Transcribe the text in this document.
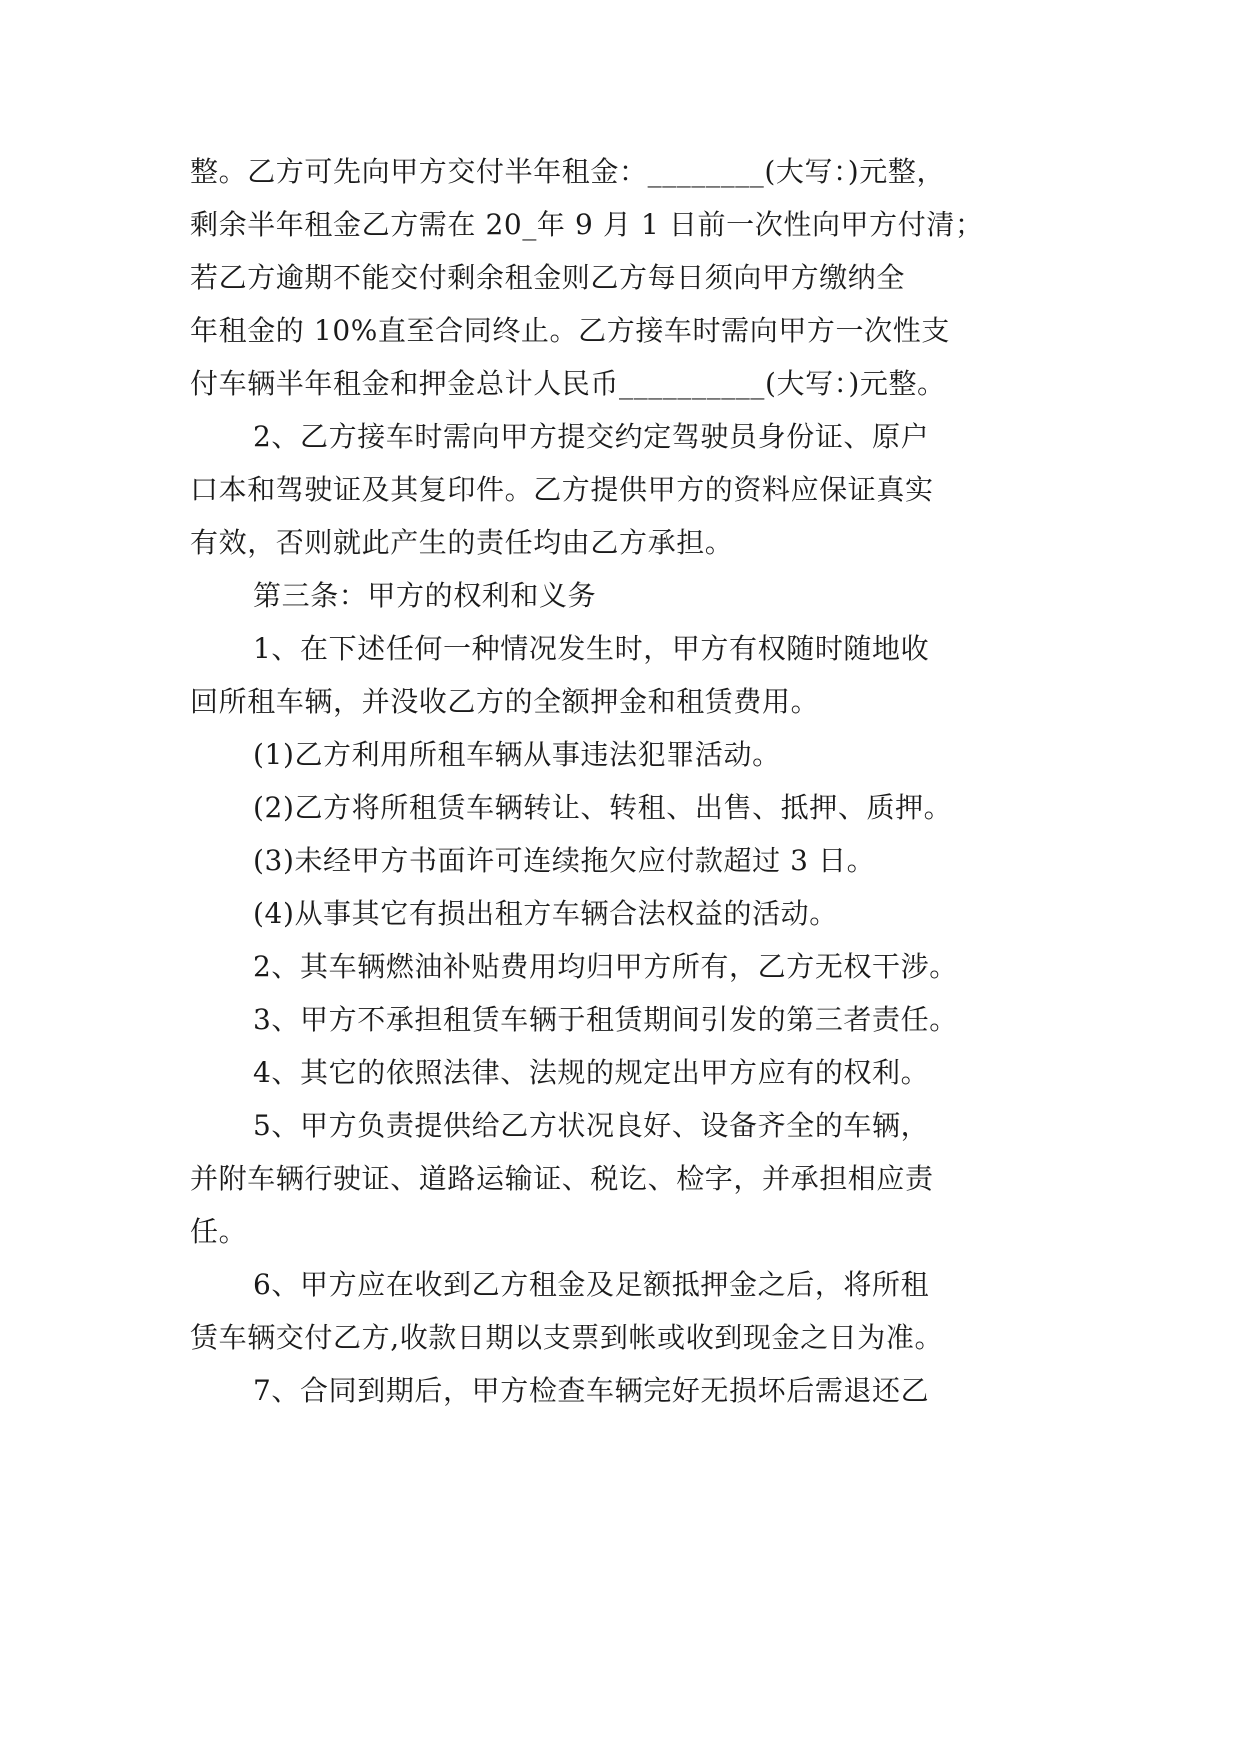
整。乙方可先向甲方交付半年租金：________(大写：)元整，

剩余半年租金乙方需在 20_年 9 月 1 日前一次性向甲方付清；

若乙方逾期不能交付剩余租金则乙方每日须向甲方缴纳全

年租金的 10%直至合同终止。乙方接车时需向甲方一次性支

付车辆半年租金和押金总计人民币__________(大写：)元整。

2、乙方接车时需向甲方提交约定驾驶员身份证、原户

口本和驾驶证及其复印件。乙方提供甲方的资料应保证真实

有效，否则就此产生的责任均由乙方承担。

第三条：甲方的权利和义务

1、在下述任何一种情况发生时，甲方有权随时随地收

回所租车辆，并没收乙方的全额押金和租赁费用。

(1)乙方利用所租车辆从事违法犯罪活动。

(2)乙方将所租赁车辆转让、转租、出售、抵押、质押。

(3)未经甲方书面许可连续拖欠应付款超过 3 日。

(4)从事其它有损出租方车辆合法权益的活动。

2、其车辆燃油补贴费用均归甲方所有，乙方无权干涉。

3、甲方不承担租赁车辆于租赁期间引发的第三者责任。

4、其它的依照法律、法规的规定出甲方应有的权利。

5、甲方负责提供给乙方状况良好、设备齐全的车辆，

并附车辆行驶证、道路运输证、税讫、检字，并承担相应责

任。

6、甲方应在收到乙方租金及足额抵押金之后，将所租

赁车辆交付乙方,收款日期以支票到帐或收到现金之日为准。

7、合同到期后，甲方检查车辆完好无损坏后需退还乙
